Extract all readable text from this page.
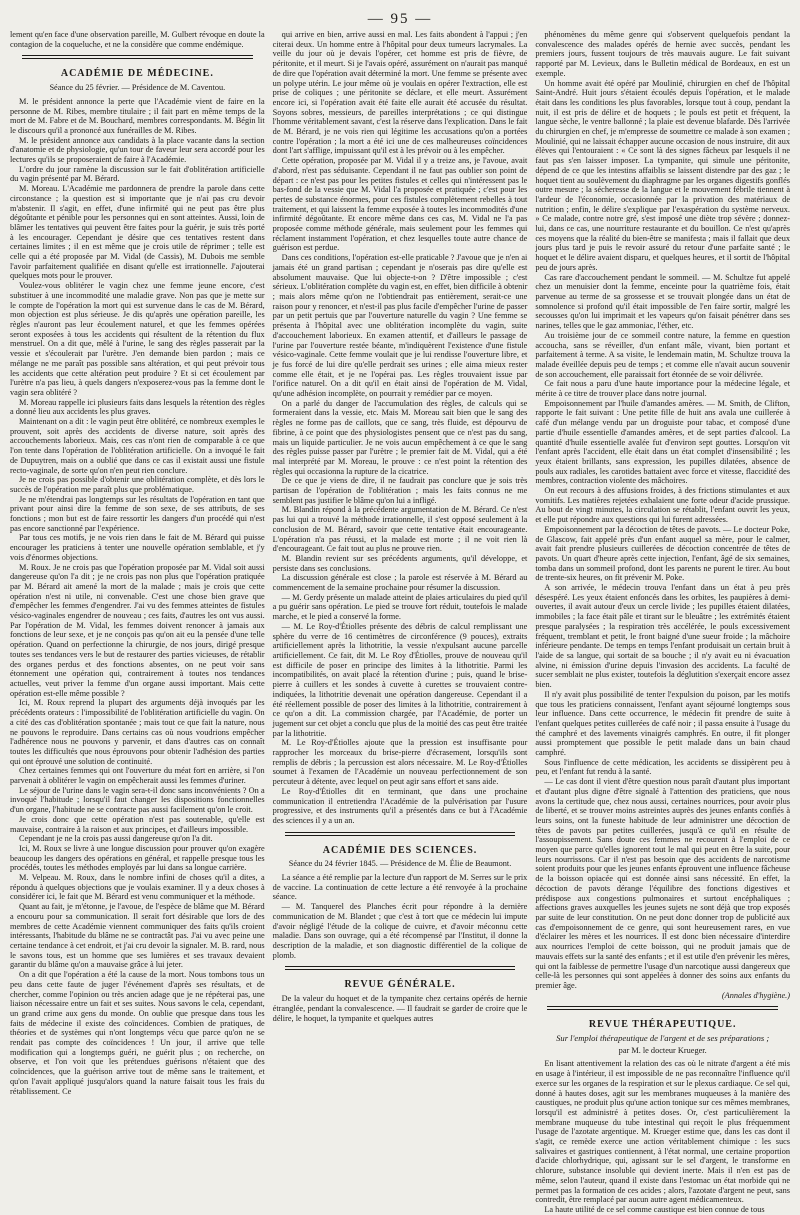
— 95 —

lement qu'en face d'une observation pareille, M. Gulbert révoque en doute la contagion de la coqueluche, et ne la considère que comme endémique.

ACADÉMIE DE MÉDECINE.
Séance du 25 février. — Présidence de M. Caventou.

M. le président annonce la perte que l'Académie vient de faire en la personne de M. Ribes, membre titulaire ; il fait part en même temps de la mort de M. Fabre et de M. Bouchard, membres correspondants. M. Bégin lit le discours qu'il a prononcé aux funérailles de M. Ribes.

M. le président annonce aux candidats à la place vacante dans la section d'anatomie et de physiologie, qu'un tour de faveur leur sera accordé pour les lectures qu'ils se proposeraient de faire à l'Académie.

L'ordre du jour ramène la discussion sur le fait d'oblitération artificielle du vagin présenté par M. Bérard.

M. Moreau. L'Académie me pardonnera de prendre la parole dans cette circonstance ; la question est si importante que je n'ai pas cru devoir m'abstenir. Il s'agit, en effet, d'une infirmité qui ne peut pas être plus dégoûtante et pénible pour les personnes qui en sont atteintes. Aussi, loin de blâmer les tentatives qui peuvent être faites pour la guérir, je suis très porté à les encourager. Cependant je désire que ces tentatives restent dans certaines limites ; il en est même que je crois utile de réprimer ; telle est celle qui a été proposée par M. Vidal (de Cassis), M. Dubois me semble l'avoir parfaitement qualifiée en disant qu'elle est irrationnelle. J'ajouterai quelques mots pour le prouver.

Voulez-vous oblitérer le vagin chez une femme jeune encore, c'est substituer à une incommodité une maladie grave. Non pas que je mette sur le compte de l'opération la mort qui est survenue dans le cas de M. Bérard, mon objection est plus sérieuse. Je dis qu'après une opération pareille, les règles n'auront pas leur écoulement naturel, et que les femmes opérées seront exposées à tous les accidents qui résultent de la rétention du flux menstruel. On a dit que, mêlé à l'urine, le sang des règles passerait par la vessie et s'écoulerait par l'urètre. J'en demande bien pardon ; mais ce mélange ne me paraît pas possible sans altération, et qui peut prévoir tous les accidents que cette altération peut produire ? Et si cet écoulement par l'urètre n'a pas lieu, à quels dangers n'exposerez-vous pas la femme dont le vagin sera oblitéré ?

M. Moreau rappelle ici plusieurs faits dans lesquels la rétention des règles a donné lieu aux accidents les plus graves.

Maintenant on a dit : le vagin peut être oblitéré, ce nombreux exemples le prouvent, soit après des accidents de diverse nature, soit après des accouchements laborieux. Mais, ces cas n'ont rien de comparable à ce que l'on tente dans l'opération de l'oblitération artificielle. On a invoqué le fait de Dupuytren, mais on a oublié que dans ce cas il existait aussi une fistule recto-vaginale, de sorte qu'on n'en peut rien conclure.

Je ne crois pas possible d'obtenir une oblitération complète, et dès lors le succès de l'opération me paraît plus que problématique.

Je ne m'étendrai pas longtemps sur les résultats de l'opération en tant que privant pour ainsi dire la femme de son sexe, de ses attributs, de ses fonctions ; mon but est de faire ressortir les dangers d'un procédé qui n'est pas encore sanctionné par l'expérience.

Par tous ces motifs, je ne vois rien dans le fait de M. Bérard qui puisse encourager les praticiens à tenter une nouvelle opération semblable, et j'y vois d'énormes objections.

M. Roux. Je ne crois pas que l'opération proposée par M. Vidal soit aussi dangereuse qu'on l'a dit ; je ne crois pas non plus que l'opération pratiquée par M. Bérard ait amené la mort de la malade ; mais je crois que cette opération n'est ni utile, ni convenable. C'est une chose bien grave que d'empêcher les femmes d'engendrer. J'ai vu des femmes atteintes de fistules vésico-vaginales engendrer de nouveau ; ces faits, d'autres les ont vus aussi. Par l'opération de M. Vidal, les femmes doivent renoncer à jamais aux fonctions de leur sexe, et je ne conçois pas qu'on ait eu la pensée d'une telle opération. Quand on perfectionne la chirurgie, de nos jours, dirigé presque toutes ses tendances vers le but de restaurer des parties vicieuses, de rétablir des organes perdus et des fonctions absentes, on ne peut voir sans étonnement une opération qui, contrairement à toutes nos tendances actuelles, veut priver la femme d'un organe aussi important. Mais cette opération est-elle même possible ?

Ici, M. Roux reprend la plupart des arguments déjà invoqués par les précédents orateurs : l'impossibilité de l'oblitération artificielle du vagin. On a cité des cas d'oblitération spontanée ; mais tout ce que fait la nature, nous ne pouvons le reproduire. Dans certains cas où nous voudrions empêcher l'adhérence nous ne pouvons y parvenir, et dans d'autres cas on connaît toutes les difficultés que nous éprouvons pour obtenir l'adhésion des parties qui ont éprouvé une solution de continuité.

Chez certaines femmes qui ont l'ouverture du méat fort en arrière, si l'on parvenait à oblitérer le vagin on empêcherait aussi les femmes d'uriner.

Le séjour de l'urine dans le vagin sera-t-il donc sans inconvénients ? On a invoqué l'habitude ; lorsqu'il faut changer les dispositions fonctionnelles d'un organe, l'habitude ne se contracte pas aussi facilement qu'on le croit.

Je crois donc que cette opération n'est pas soutenable, qu'elle est mauvaise, contraire à la raison et aux principes, et d'ailleurs impossible.

Cependant je ne la crois pas aussi dangereuse qu'on l'a dit.

Ici, M. Roux se livre à une longue discussion pour prouver qu'on exagère beaucoup les dangers des opérations en général, et rappelle presque tous les procédés, toutes les méthodes employés par lui dans sa longue carrière.

M. Velpeau. M. Roux, dans le nombre infini de choses qu'il a dites, a répondu à quelques objections que je voulais examiner. Il y a deux choses à considérer ici, le fait que M. Bérard est venu communiquer et la méthode.

Quant au fait, je m'étonne, je l'avoue, de l'espèce de blâme que M. Bérard a encouru pour sa communication. Il serait fort désirable que lors de des membres de cette Académie viennent communiquer des faits qu'ils croient intéressants, l'habitude du blâme ne se contractât pas. J'ai vu avec peine une certaine tendance à cet endroit, et j'ai cru devoir la signaler. M. B. rard, nous le savons tous, est un homme que ses lumières et ses travaux devaient garantir du blâme qu'on a mauvaise grâce à lui jeter.

On a dit que l'opération a été la cause de la mort. Nous tombons tous un peu dans cette faute de juger l'événement d'après ses résultats, et de chercher, comme l'opinion ou très ancien adage que je ne répéterai pas, une liaison nécessaire entre un fait et ses suites. Nous savons le cela, cependant, un grand crime aux gens du monde. On oublie que presque dans tous les faits de médecine il existe des coïncidences. Combien de pratiques, de théories et de systèmes qui n'ont longtemps vécu que parce qu'on ne se rendait pas compte des coïncidences ! Un jour, il arrive que telle modification qui a longtemps guéri, ne guérit plus ; on recherche, on observe, et l'on voit que les prétendues guérisons n'étaient que des coïncidences, que la guérison arrive tout de même sans le traitement, et qu'on l'avait appliqué jusqu'alors quand la nature faisait tous les frais du rétablissement. Ce

qui arrive en bien, arrive aussi en mal. Les faits abondent à l'appui ; j'en citerai deux. Un homme entre à l'hôpital pour deux tumeurs lacrymales. La veille du jour où je devais l'opérer, cet homme est pris de fièvre, de péritonite, et il meurt. Si je l'avais opéré, assurément on n'aurait pas manqué de dire que l'opération avait déterminé la mort. Une femme se présente avec un polype utérin. Le jour même où je voulais en opérer l'extraction, elle est prise de coliques ; une péritonite se déclare, et elle meurt. Assurément encore ici, si l'opération avait été faite elle aurait été accusée du résultat. Soyons sobres, messieurs, de pareilles interprétations ; ce qui distingue l'homme véritablement savant, c'est la réserve dans l'explication. Dans le fait de M. Bérard, je ne vois rien qui légitime les accusations qu'on a portées contre l'opération ; la mort a été ici une de ces malheureuses coïncidences dont l'art s'afflige, impuissant qu'il est à les prévoir ou à les empêcher.

Cette opération, proposée par M. Vidal il y a treize ans, je l'avoue, avait d'abord, n'est pas séduisante. Cependant il ne faut pas oublier son point de départ : ce n'est pas pour les petites fistules et celles qui n'intéressent pas le bas-fond de la vessie que M. Vidal l'a proposée et pratiquée ; c'est pour les pertes de substance énormes, pour ces fistules complètement rebelles à tout traitement, et qui laissent la femme exposée à toutes les incommodités d'une infirmité dégoûtante. Et encore même dans ces cas, M. Vidal ne l'a pas proposée comme méthode générale, mais seulement pour les femmes qui réclament instamment l'opération, et chez lesquelles toute autre chance de guérison est perdue.

Dans ces conditions, l'opération est-elle praticable ? J'avoue que je n'en ai jamais été un grand partisan ; cependant je n'oserais pas dire qu'elle est absolument mauvaise. Que lui objecte-t-on ? D'être impossible ; c'est sérieux. L'oblitération complète du vagin est, en effet, bien difficile à obtenir ; mais alors même qu'on ne l'obtiendrait pas entièrement, serait-ce une raison pour y renoncer, et n'est-il pas plus facile d'empêcher l'urine de passer par un petit pertuis que par l'ouverture naturelle du vagin ? Une femme se présenta à l'hôpital avec une oblitération incomplète du vagin, suite d'accouchement laborieux. En examen attentif, et d'ailleurs le passage de l'urine par l'ouverture restée béante, m'indiquèrent l'existence d'une fistule vésico-vaginale. Cette femme voulait que je lui rendisse l'ouverture libre, et je fus forcé de lui dire qu'elle perdrait ses urines ; elle aima mieux rester comme elle était, et je ne l'opérai pas. Les règles trouvaient issue par l'orifice naturel. On a dit qu'il en était ainsi de l'opération de M. Vidal, qu'une adhésion incomplète, on pourrait y remédier par ce moyen.

On a parlé du danger de l'accumulation des règles, de calculs qui se formeraient dans la vessie, etc. Mais M. Moreau sait bien que le sang des règles ne forme pas de caillots, que ce sang, très fluide, est dépourvu de fibrine, à ce point que des physiologistes pensent que ce n'est pas du sang, mais un liquide particulier. Je ne vois aucun empêchement à ce que le sang des règles puisse passer par l'urètre ; le premier fait de M. Vidal, qui a été mal interprété par M. Moreau, le prouve : ce n'est point la rétention des règles qui occasionna la rupture de la cicatrice.

De ce que je viens de dire, il ne faudrait pas conclure que je sois très partisan de l'opération de l'oblitération ; mais les faits connus ne me semblent pas justifier le blâme qu'on lui a infligé.

M. Blandin répond à la précédente argumentation de M. Bérard. Ce n'est pas lui qui a trouvé la méthode irrationnelle, il s'est opposé seulement à la conclusion de M. Bérard, savoir que cette tentative était encourageante. L'opération n'a pas réussi, et la malade est morte ; il ne voit rien là d'encourageant. Ce fait tout au plus ne prouve rien.

M. Blandin revient sur ses précédents arguments, qu'il développe, et persiste dans ses conclusions.

La discussion générale est close ; la parole est réservée à M. Bérard au commencement de la semaine prochaine pour résumer la discussion.

— M. Gerdy présente un malade atteint de plaies articulaires du pied qu'il a pu guérir sans opération. Le pied se trouve fort réduit, toutefois le malade marche, et le pied a conservé la forme.

— M. Le Roy-d'Étiolles présente des débris de calcul remplissant une sphère du verre de 16 centimètres de circonférence (9 pouces), extraits artificiellement après la lithotritie, la vessie n'expulsant aucune parcelle artificiellement. Ce fait, dit M. Le Roy d'Étiolles, prouve de nouveau qu'il est difficile de poser en principe des limites à la lithotritie. Parmi les incompatibilités, on avait placé la rétention d'urine ; puis, quand le brise-pierre à cuillers et les sondes à cuvette à curettes se trouvaient contre-indiquées, la lithotritie devenait une opération dangereuse. Cependant il a été réellement possible de poser des limites à la lithotritie, contrairement à ce qu'on a dit. La commission chargée, par l'Académie, de porter un jugement sur cet objet a conclu que plus de la moitié des cas peut être traitée par la lithotritie.

M. Le Roy-d'Étiolles ajoute que la pression est insuffisante pour rapprocher les morceaux du brise-pierre d'écrasement, lorsqu'ils sont remplis de débris ; la percussion est alors nécessaire. M. Le Roy-d'Étiolles soumet à l'examen de l'Académie un nouveau perfectionnement de son percuteur à détente, avec lequel on peut agir sans effort et sans aide.

Le Roy-d'Étiolles dit en terminant, que dans une prochaine communication il entretiendra l'Académie de la pulvérisation par l'usure progressive, et des instruments qu'il a présentés dans ce but à l'Académie des sciences il y a un an.

ACADÉMIE DES SCIENCES.
Séance du 24 février 1845. — Présidence de M. Élie de Beaumont.

La séance a été remplie par la lecture d'un rapport de M. Serres sur le prix de vaccine. La continuation de cette lecture a été renvoyée à la prochaine séance.

— M. Tanquerel des Planches écrit pour répondre à la dernière communication de M. Blandet ; que c'est à tort que ce médecin lui impute d'avoir négligé l'étude de la colique de cuivre, et d'avoir méconnu cette maladie. Dans son ouvrage, qui a été récompensé par l'Institut, il donne la description de la maladie, et son diagnostic différentiel de la colique de plomb.

REVUE GÉNÉRALE.

De la valeur du hoquet et de la tympanite chez certains opérés de hernie étranglée, pendant la convalescence. — Il faudrait se garder de croire que le délire, le hoquet, la tympanite et quelques autres

phénomènes du même genre qui s'observent quelquefois pendant la convalescence des malades opérés de hernie avec succès, pendant les premiers jours, fussent toujours de très mauvais augure. Le fait suivant rapporté par M. Levieux, dans le Bulletin médical de Bordeaux, en est un exemple.

Un homme avait été opéré par Moulinié, chirurgien en chef de l'hôpital Saint-André. Huit jours s'étaient écoulés depuis l'opération, et le malade était dans les conditions les plus favorables, lorsque tout à coup, pendant la nuit, il est pris de délire et de hoquets ; le pouls est petit et fréquent, la langue sèche, le ventre ballonné ; la plaie est devenue blafarde. Dès l'arrivée du chirurgien en chef, je m'empresse de soumettre ce malade à son examen ; Moulinié, qui ne laissait échapper aucune occasion de nous instruire, dit aux élèves qui l'entouraient : « Ce sont là des signes fâcheux par lesquels il ne faut pas s'en laisser imposer. La tympanite, qui simule une péritonite, dépend de ce que les intestins affaiblis se laissent distendre par des gaz ; le hoquet tient au soulèvement du diaphragme par les organes digestifs gonflés outre mesure ; la sécheresse de la langue et le mouvement fébrile tiennent à l'ardeur de l'économie, occasionnée par la privation des matériaux de nutrition ; enfin, le délire s'explique par l'exaspération du système nerveux. » Ce malade, contre notre gré, s'est imposé une diète trop sévère ; donnez-lui, dans ce cas, une nourriture restaurante et du bouillon. Ce n'est qu'après ces moyens que la réalité du bien-être se manifesta ; mais il fallait que deux jours plus tard je puis le revoir assuré du retour d'une parfaite santé ; le hoquet et le délire avaient disparu, et quelques heures, et il sortit de l'hôpital peu de jours après.

Cas rare d'accouchement pendant le sommeil. — M. Schultze fut appelé chez un menuisier dont la femme, enceinte pour la quatrième fois, était parvenue au terme de sa grossesse et se trouvait plongée dans un état de somnolence si profond qu'il était impossible de l'en faire sortir, malgré les secousses qu'on lui imprimait et les vapeurs qu'on faisait pénétrer dans ses narines, telles que le gaz ammoniac, l'éther, etc.

Au troisième jour de ce sommeil contre nature, la femme en question accoucha, sans se réveiller, d'un enfant mâle, vivant, bien portant et parfaitement à terme. A sa visite, le lendemain matin, M. Schultze trouva la malade éveillée depuis peu de temps ; et comme elle n'avait aucun souvenir de son accouchement, elle paraissait fort étonnée de se voir délivrée.

Ce fait nous a paru d'une haute importance pour la médecine légale, et mérite à ce titre de trouver place dans notre journal.

Empoisonnement par l'huile d'amandes amères. — M. Smith, de Clifton, rapporte le fait suivant : Une petite fille de huit ans avala une cuillerée à café d'un mélange vendu par un droguiste pour tabac, et composé d'une partie d'huile essentielle d'amandes amères, et de sept parties d'alcool. La quantité d'huile essentielle avalée fut d'environ sept gouttes. Lorsqu'on vit l'enfant après l'accident, elle était dans un état complet d'insensibilité ; les yeux étaient brillants, sans expression, les pupilles dilatées, absence de pouls aux radiales, les carotides battaient avec force et vitesse, flaccidité des membres, contraction violente des mâchoires.

On eut recours à des affusions froides, à des frictions stimulantes et aux vomitifs. Les matières rejetées exhalaient une forte odeur d'acide prussique. Au bout de vingt minutes, la circulation se rétablit, l'enfant ouvrit les yeux, et elle put répondre aux questions qui lui furent adressées.

Empoisonnement par la décoction de têtes de pavots. — Le docteur Poke, de Glascow, fait appelé près d'un enfant auquel sa mère, pour le calmer, avait fait prendre plusieurs cuillerées de décoction concentrée de têtes de pavots. Un quart d'heure après cette injection, l'enfant, âgé de six semaines, tomba dans un sommeil profond, dont les parents ne purent le tirer. Au bout de trente-six heures, on fit prévenir M. Poke.

A son arrivée, le médecin trouva l'enfant dans un état à peu près désespéré. Les yeux étaient enfoncés dans les orbites, les paupières à demi-ouvertes, il avait autour d'eux un cercle livide ; les pupilles étaient dilatées, immobiles ; la face était pâle et tirant sur le bleuâtre ; les extrémités étaient presque paralysées ; la respiration très accélérée, le pouls excessivement fréquent, tremblant et petit, le front baigné d'une sueur froide ; la mâchoire inférieure pendante. De temps en temps l'enfant produisait un certain bruit à l'aide de sa langue, qui sortait de sa bouche ; il n'y avait eu ni évacuation alvine, ni émission d'urine depuis l'invasion des accidents. La faculté de sucer semblait ne plus exister, toutefois la déglutition s'exerçait encore assez bien.

Il n'y avait plus possibilité de tenter l'expulsion du poison, par les motifs que tous les praticiens connaissent, l'enfant ayant séjourné longtemps sous leur influence. Dans cette occurrence, le médecin fit prendre de suite à l'enfant quelques petites cuillerées de café noir ; il passa ensuite à l'usage du thé camphré et des lavements vinaigrés camphrés. En outre, il fit plonger aussi promptement que possible le petit malade dans un bain chaud camphré.

Sous l'influence de cette médication, les accidents se dissipèrent peu à peu, et l'enfant fut rendu à la santé.

— Le cas dont il vient d'être question nous paraît d'autant plus important et d'autant plus digne d'être signalé à l'attention des praticiens, que nous avons la certitude que, chez nous aussi, certaines nourrices, pour avoir plus de liberté, et se trouver moins astreintes auprès des jeunes enfants confiés à leurs soins, ont la funeste habitude de leur administrer une décoction de têtes de pavots par petites cuillerées, jusqu'à ce qu'il en résulte de l'assoupissement. Sans doute ces femmes ne recourent à l'emploi de ce moyen que parce qu'elles ignorent tout le mal qui peut en être la suite, pour leurs nourrissons. Car il n'est pas besoin que des accidents de narcotisme soient produits pour que les jeunes enfants éprouvent une influence fâcheuse de la boisson opiacée qui est donnée ainsi sans nécessité. En effet, la décoction de pavots dérange l'équilibre des fonctions digestives et prédispose aux congestions pulmonaires et surtout encéphaliques ; affections graves auxquelles les jeunes sujets ne sont déjà que trop exposés par suite de leur constitution. On ne peut donc donner trop de publicité aux cas d'empoisonnement de ce genre, qui sont heureusement rares, en vue d'éclairer les mères et les nourrices. Il est donc bien nécessaire d'interdire aux nourrices l'emploi de cette boisson, qui ne produit jamais que de mauvais effets sur la santé des enfants ; et il est utile d'en prévenir les mères, qui ont la faiblesse de permettre l'usage d'un narcotique aussi dangereux que celle-là les personnes qui sont appelées à donner des soins aux enfants du premier âge.

(Annales d'hygiène.)
REVUE THÉRAPEUTIQUE.
Sur l'emploi thérapeutique de l'argent et de ses préparations ;
par M. le docteur Krueger.

En lisant attentivement la relation des cas où le nitrate d'argent a été mis en usage à l'intérieur, il est impossible de ne pas reconnaître l'influence qu'il exerce sur les organes de la respiration et sur le plexus cardiaque. Ce sel qui, donné à hautes doses, agit sur les membranes muqueuses à la manière des caustiques, ne produit plus qu'une action tonique sur ces mêmes membranes, lorsqu'il est administré à petites doses. Or, c'est particulièrement la membrane muqueuse du tube intestinal qui reçoit le plus fréquemment l'usage de l'azotate argentique. M. Krueger estime que, dans les cas dont il s'agit, ce remède exerce une action véritablement chimique : les sucs salivaires et gastriques contiennent, à l'état normal, une certaine proportion d'acide chlorhydrique, qui, agissant sur le sel d'argent, le transforme en chlorure, substance insoluble qui devient inerte. Mais il n'en est pas de même, selon l'auteur, quand il existe dans l'estomac un état morbide qui ne permet pas la formation de ces acides ; alors, l'azotate d'argent ne peut, sans contredit, être remplacé par aucun autre agent médicamenteux.

La haute utilité de ce sel comme caustique est bien connue de tous
